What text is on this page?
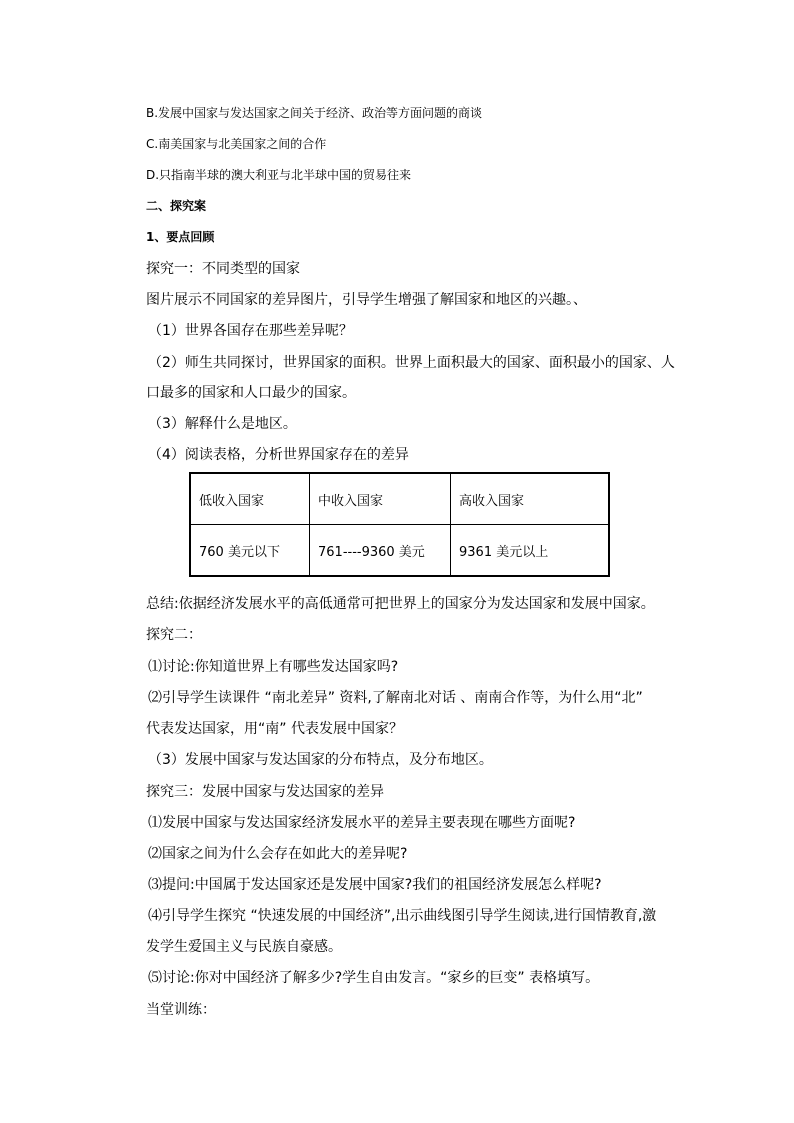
B.发展中国家与发达国家之间关于经济、政治等方面问题的商谈
C.南美国家与北美国家之间的合作
D.只指南半球的澳大利亚与北半球中国的贸易往来
二、探究案
1、要点回顾
探究一：不同类型的国家
图片展示不同国家的差异图片，引导学生增强了解国家和地区的兴趣。、
（1）世界各国存在那些差异呢？
（2）师生共同探讨，世界国家的面积。世界上面积最大的国家、面积最小的国家、人
口最多的国家和人口最少的国家。
（3）解释什么是地区。
（4）阅读表格，分析世界国家存在的差异
低收入国家	中收入国家	高收入国家
760 美元以下	761----9360 美元	9361 美元以上
总结:依据经济发展水平的高低通常可把世界上的国家分为发达国家和发展中国家。
探究二：
⑴讨论:你知道世界上有哪些发达国家吗?
⑵引导学生读课件 “南北差异” 资料,了解南北对话 、南南合作等，为什么用“北”
代表发达国家，用“南” 代表发展中国家？
（3）发展中国家与发达国家的分布特点，及分布地区。
探究三：发展中国家与发达国家的差异
⑴发展中国家与发达国家经济发展水平的差异主要表现在哪些方面呢?
⑵国家之间为什么会存在如此大的差异呢?
⑶提问:中国属于发达国家还是发展中国家?我们的祖国经济发展怎么样呢?
⑷引导学生探究 “快速发展的中国经济”,出示曲线图引导学生阅读,进行国情教育,激
发学生爱国主义与民族自豪感。
⑸讨论:你对中国经济了解多少?学生自由发言。“家乡的巨变” 表格填写。
当堂训练：
